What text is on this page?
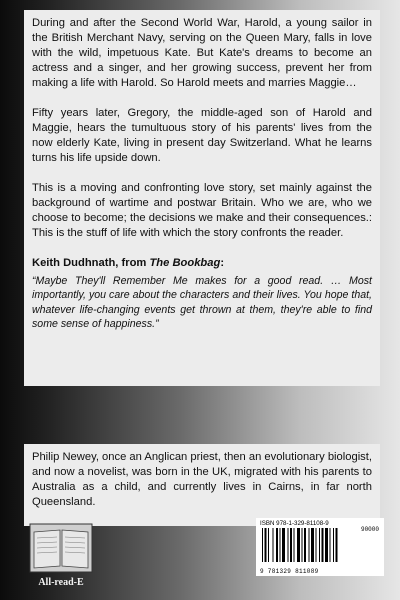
During and after the Second World War, Harold, a young sailor in the British Merchant Navy, serving on the Queen Mary, falls in love with the wild, impetuous Kate. But Kate's dreams to become an actress and a singer, and her growing success, prevent her from making a life with Harold. So Harold meets and marries Maggie…

Fifty years later, Gregory, the middle-aged son of Harold and Maggie, hears the tumultuous story of his parents' lives from the now elderly Kate, living in present day Switzerland. What he learns turns his life upside down.

This is a moving and confronting love story, set mainly against the background of wartime and postwar Britain. Who we are, who we choose to become; the decisions we make and their consequences.: This is the stuff of life with which the story confronts the reader.

Keith Dudhnath, from The Bookbag:

“Maybe They'll Remember Me makes for a good read. … Most importantly, you care about the characters and their lives. You hope that, whatever life-changing events get thrown at them, they're able to find some sense of happiness.”

Philip Newey, once an Anglican priest, then an evolutionary biologist, and now a novelist, was born in the UK, migrated with his parents to Australia as a child, and currently lives in Cairns, in far north Queensland.

All-read-E
ISBN 978-1-329-81108-9
90000
9 781329 811089
